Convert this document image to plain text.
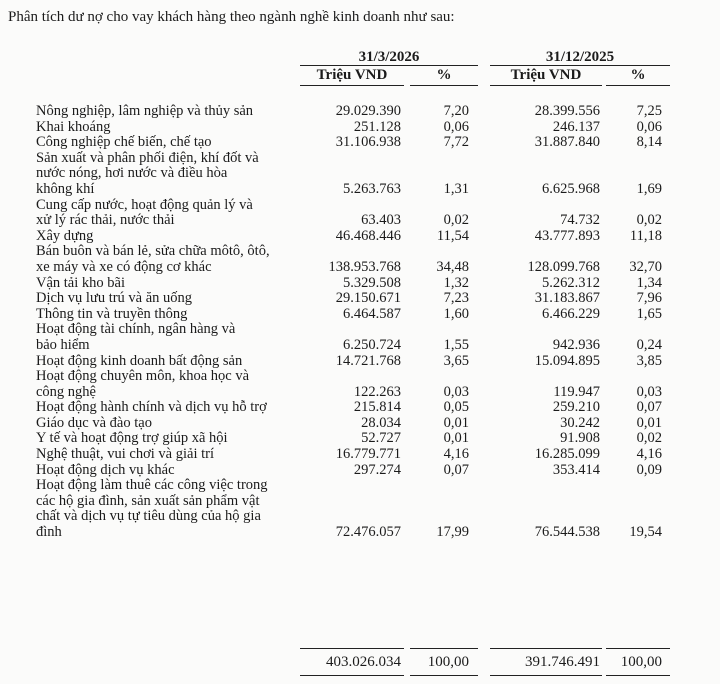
Phân tích dư nợ cho vay khách hàng theo ngành nghề kinh doanh như sau:
31/3/2026	31/12/2025
Triệu VND	%	Triệu VND	%
Nông nghiệp, lâm nghiệp và thủy sản	29.029.390	7,20	28.399.556	7,25
Khai khoáng	251.128	0,06	246.137	0,06
Công nghiệp chế biến, chế tạo	31.106.938	7,72	31.887.840	8,14
Sản xuất và phân phối điện, khí đốt và
nước nóng, hơi nước và điều hòa
không khí	5.263.763	1,31	6.625.968	1,69
Cung cấp nước, hoạt động quản lý và
xử lý rác thải, nước thải	63.403	0,02	74.732	0,02
Xây dựng	46.468.446	11,54	43.777.893	11,18
Bán buôn và bán lẻ, sửa chữa môtô, ôtô,
xe máy và xe có động cơ khác	138.953.768	34,48	128.099.768	32,70
Vận tải kho bãi	5.329.508	1,32	5.262.312	1,34
Dịch vụ lưu trú và ăn uống	29.150.671	7,23	31.183.867	7,96
Thông tin và truyền thông	6.464.587	1,60	6.466.229	1,65
Hoạt động tài chính, ngân hàng và
bảo hiểm	6.250.724	1,55	942.936	0,24
Hoạt động kinh doanh bất động sản	14.721.768	3,65	15.094.895	3,85
Hoạt động chuyên môn, khoa học và
công nghệ	122.263	0,03	119.947	0,03
Hoạt động hành chính và dịch vụ hỗ trợ	215.814	0,05	259.210	0,07
Giáo dục và đào tạo	28.034	0,01	30.242	0,01
Y tế và hoạt động trợ giúp xã hội	52.727	0,01	91.908	0,02
Nghệ thuật, vui chơi và giải trí	16.779.771	4,16	16.285.099	4,16
Hoạt động dịch vụ khác	297.274	0,07	353.414	0,09
Hoạt động làm thuê các công việc trong
các hộ gia đình, sản xuất sản phẩm vật
chất và dịch vụ tự tiêu dùng của hộ gia
đình	72.476.057	17,99	76.544.538	19,54
403.026.034	100,00	391.746.491	100,00
